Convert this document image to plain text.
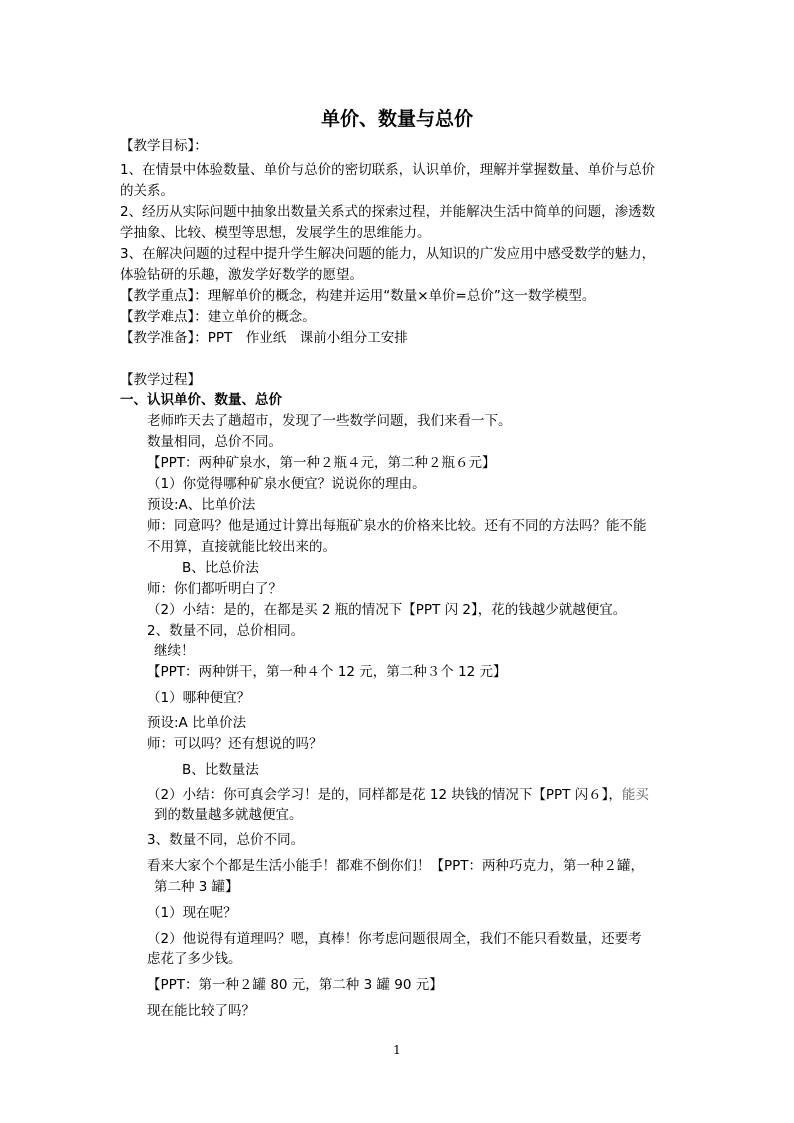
单价、数量与总价
【教学目标】：
1、在情景中体验数量、单价与总价的密切联系，认识单价，理解并掌握数量、单价与总价
的关系。
2、经历从实际问题中抽象出数量关系式的探索过程，并能解决生活中简单的问题，渗透数
学抽象、比较、模型等思想，发展学生的思维能力。
3、在解决问题的过程中提升学生解决问题的能力，从知识的广发应用中感受数学的魅力，
体验钻研的乐趣，激发学好数学的愿望。
【教学重点】：理解单价的概念，构建并运用“数量×单价=总价”这一数学模型。
【教学难点】：建立单价的概念。
【教学准备】：PPT　作业纸　课前小组分工安排
【教学过程】
一、认识单价、数量、总价
老师昨天去了趟超市，发现了一些数学问题，我们来看一下。
数量相同，总价不同。
【PPT：两种矿泉水，第一种２瓶４元，第二种２瓶６元】
（1）你觉得哪种矿泉水便宜？说说你的理由。
预设:A、比单价法
师：同意吗？他是通过计算出每瓶矿泉水的价格来比较。还有不同的方法吗？能不能
不用算，直接就能比较出来的。
B、比总价法
师：你们都听明白了？
（2）小结：是的，在都是买 2 瓶的情况下【PPT 闪 2】，花的钱越少就越便宜。
2、数量不同，总价相同。
继续！
【PPT：两种饼干，第一种４个 12 元，第二种３个 12 元】
（1）哪种便宜？
预设:A 比单价法
师：可以吗？还有想说的吗？
B、比数量法
（2）小结：你可真会学习！是的，同样都是花 12 块钱的情况下【PPT 闪６】，能买
到的数量越多就越便宜。
3、数量不同，总价不同。
看来大家个个都是生活小能手！都难不倒你们！【PPT：两种巧克力，第一种２罐，
第二种 3 罐】
（1）现在呢？
（2）他说得有道理吗？嗯，真棒！你考虑问题很周全，我们不能只看数量，还要考
虑花了多少钱。
【PPT：第一种２罐 80 元，第二种 3 罐 90 元】
现在能比较了吗？
1
